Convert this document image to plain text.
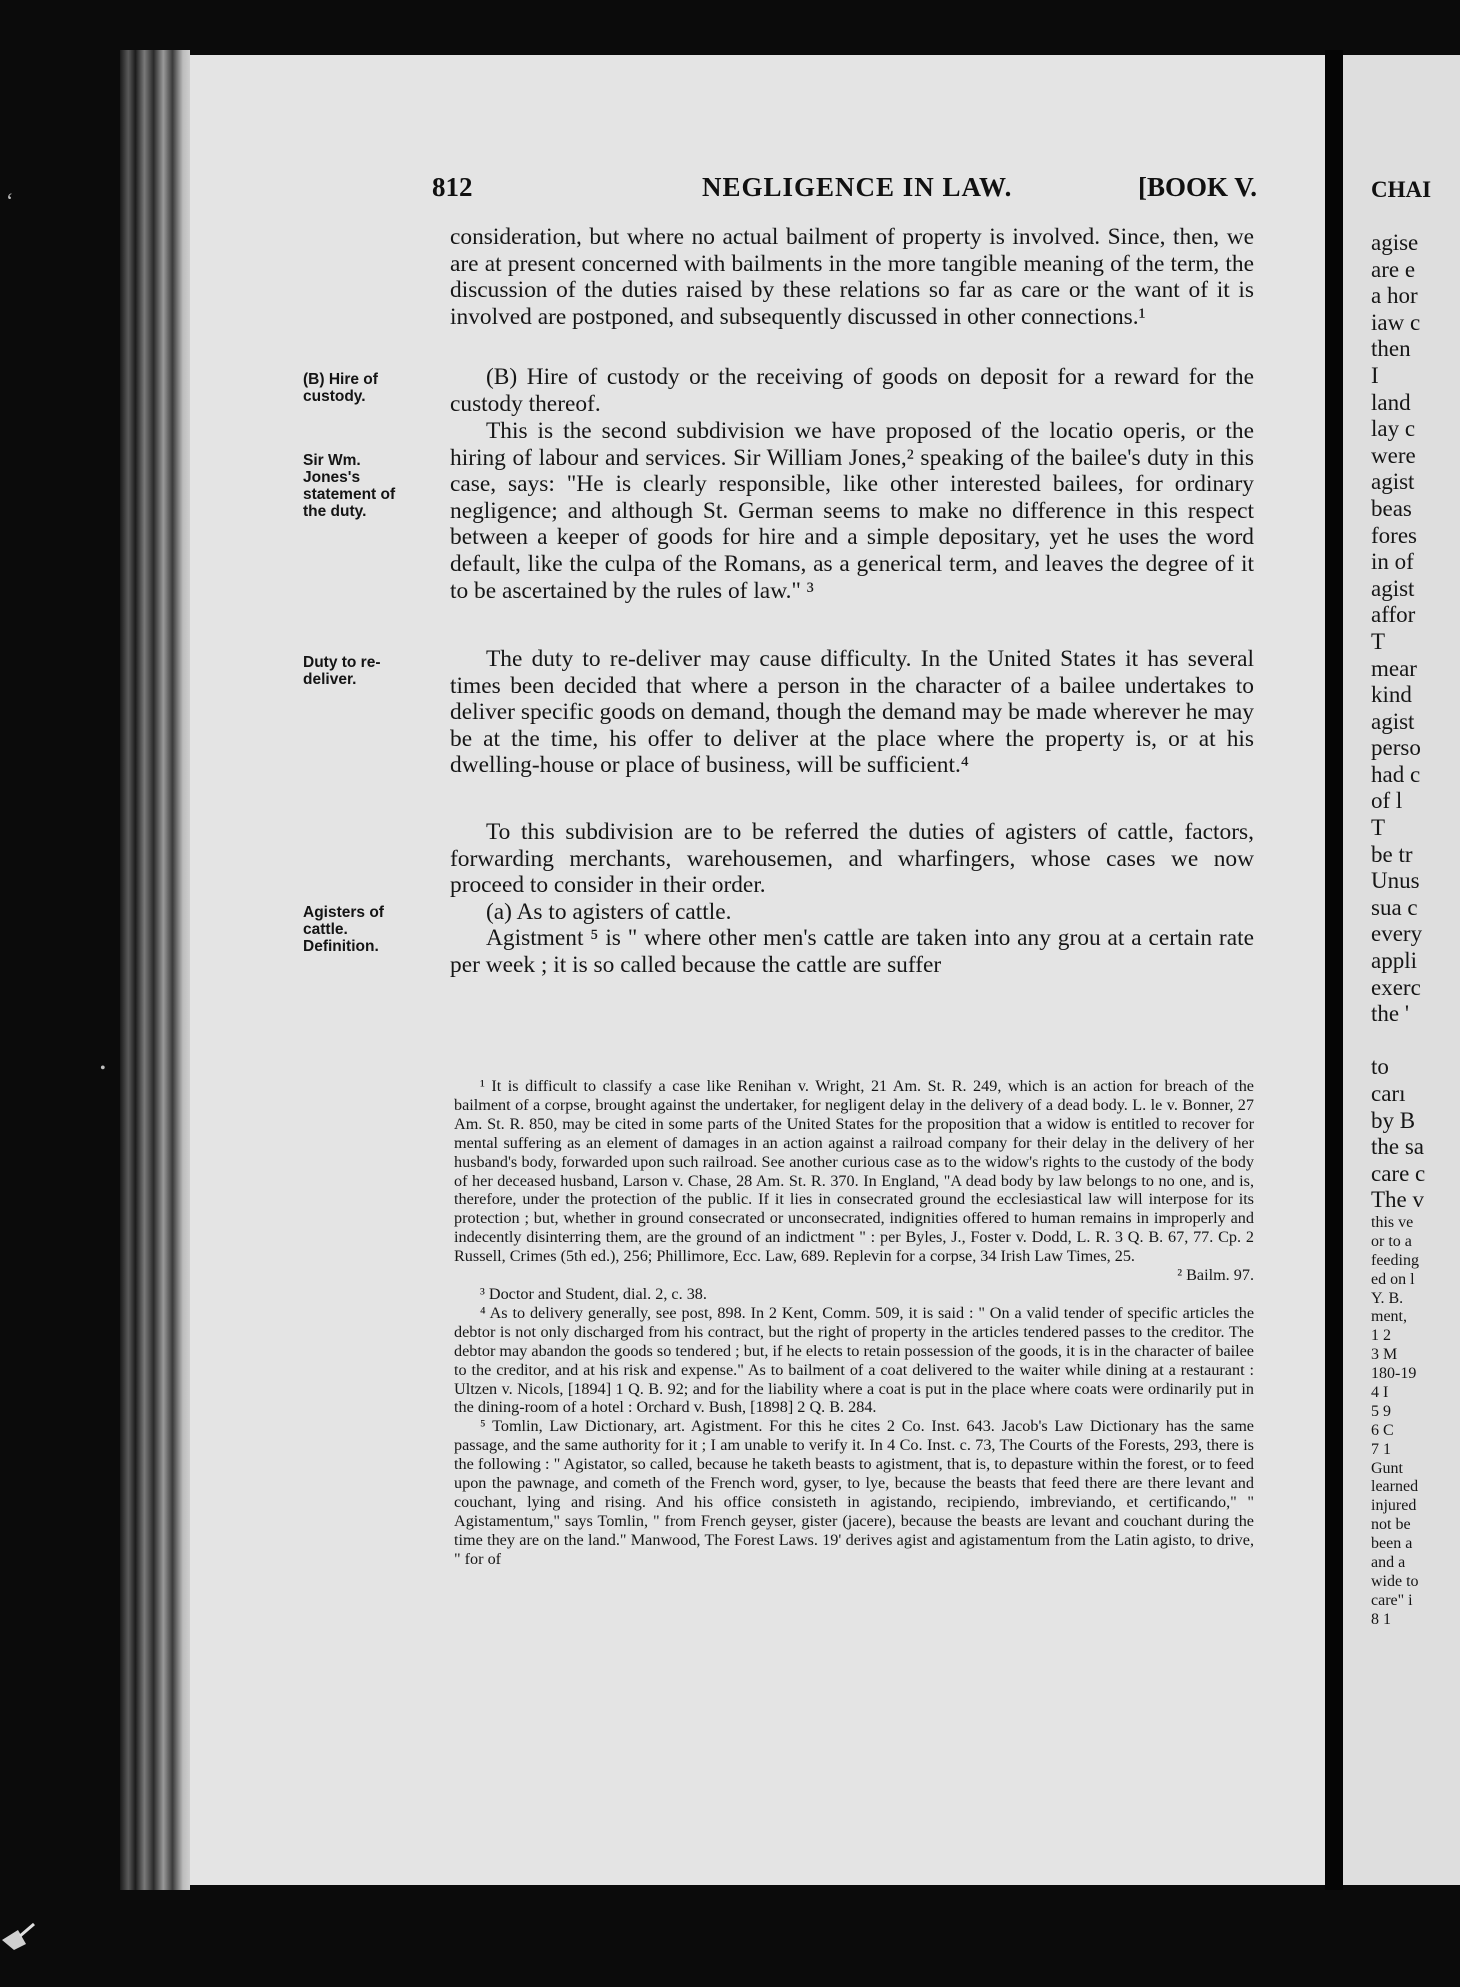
CHAI
agise
are e
a hor
iaw c
then
I
land
lay c
were
agist
beas
fores
in of
agist
affor
T
mear
kind
agist
perso
had c
of l
T
be tr
Unus
sua c
every
appli
exerc
the '
to
carı
by B
the sa
care c
The v
this ve
or to a
feeding
ed on l
Y. B.
ment,
1 2
3 M
180-19
4 I
5 9
6 C
7 1
Gunt
learned
injured
not be
been a
and a
wide to
care" i
8 1
‘
•
812	NEGLIGENCE IN LAW.	[BOOK V.
(B) Hire of custody.
Sir Wm. Jones's statement of the duty.
Duty to re-deliver.
Agisters of cattle. Definition.

consideration, but where no actual bailment of property is involved. Since, then, we are at present concerned with bailments in the more tangible meaning of the term, the discussion of the duties raised by these relations so far as care or the want of it is involved are postponed, and subsequently discussed in other connections.¹

(B) Hire of custody or the receiving of goods on deposit for a reward for the custody thereof.

This is the second subdivision we have proposed of the locatio operis, or the hiring of labour and services. Sir William Jones,² speaking of the bailee's duty in this case, says: "He is clearly responsible, like other interested bailees, for ordinary negligence; and although St. German seems to make no difference in this respect between a keeper of goods for hire and a simple depositary, yet he uses the word default, like the culpa of the Romans, as a generical term, and leaves the degree of it to be ascertained by the rules of law." ³

The duty to re-deliver may cause difficulty. In the United States it has several times been decided that where a person in the character of a bailee undertakes to deliver specific goods on demand, though the demand may be made wherever he may be at the time, his offer to deliver at the place where the property is, or at his dwelling-house or place of business, will be sufficient.⁴

To this subdivision are to be referred the duties of agisters of cattle, factors, forwarding merchants, warehousemen, and wharfingers, whose cases we now proceed to consider in their order.

(a) As to agisters of cattle.

Agistment ⁵ is " where other men's cattle are taken into any grou at a certain rate per week ; it is so called because the cattle are suffer

¹ It is difficult to classify a case like Renihan v. Wright, 21 Am. St. R. 249, which is an action for breach of the bailment of a corpse, brought against the undertaker, for negligent delay in the delivery of a dead body. L. le v. Bonner, 27 Am. St. R. 850, may be cited in some parts of the United States for the proposition that a widow is entitled to recover for mental suffering as an element of damages in an action against a railroad company for their delay in the delivery of her husband's body, forwarded upon such railroad. See another curious case as to the widow's rights to the custody of the body of her deceased husband, Larson v. Chase, 28 Am. St. R. 370. In England, "A dead body by law belongs to no one, and is, therefore, under the protection of the public. If it lies in consecrated ground the ecclesiastical law will interpose for its protection ; but, whether in ground consecrated or unconsecrated, indignities offered to human remains in improperly and indecently disinterring them, are the ground of an indictment " : per Byles, J., Foster v. Dodd, L. R. 3 Q. B. 67, 77. Cp. 2 Russell, Crimes (5th ed.), 256; Phillimore, Ecc. Law, 689. Replevin for a corpse, 34 Irish Law Times, 25.

² Bailm. 97.

³ Doctor and Student, dial. 2, c. 38.

⁴ As to delivery generally, see post, 898. In 2 Kent, Comm. 509, it is said : " On a valid tender of specific articles the debtor is not only discharged from his contract, but the right of property in the articles tendered passes to the creditor. The debtor may abandon the goods so tendered ; but, if he elects to retain possession of the goods, it is in the character of bailee to the creditor, and at his risk and expense." As to bailment of a coat delivered to the waiter while dining at a restaurant : Ultzen v. Nicols, [1894] 1 Q. B. 92; and for the liability where a coat is put in the place where coats were ordinarily put in the dining-room of a hotel : Orchard v. Bush, [1898] 2 Q. B. 284.

⁵ Tomlin, Law Dictionary, art. Agistment. For this he cites 2 Co. Inst. 643. Jacob's Law Dictionary has the same passage, and the same authority for it ; I am unable to verify it. In 4 Co. Inst. c. 73, The Courts of the Forests, 293, there is the following : " Agistator, so called, because he taketh beasts to agistment, that is, to depasture within the forest, or to feed upon the pawnage, and cometh of the French word, gyser, to lye, because the beasts that feed there are there levant and couchant, lying and rising. And his office consisteth in agistando, recipiendo, imbreviando, et certificando," " Agistamentum," says Tomlin, " from French geyser, gister (jacere), because the beasts are levant and couchant during the time they are on the land." Manwood, The Forest Laws. 19' derives agist and agistamentum from the Latin agisto, to drive, " for of
